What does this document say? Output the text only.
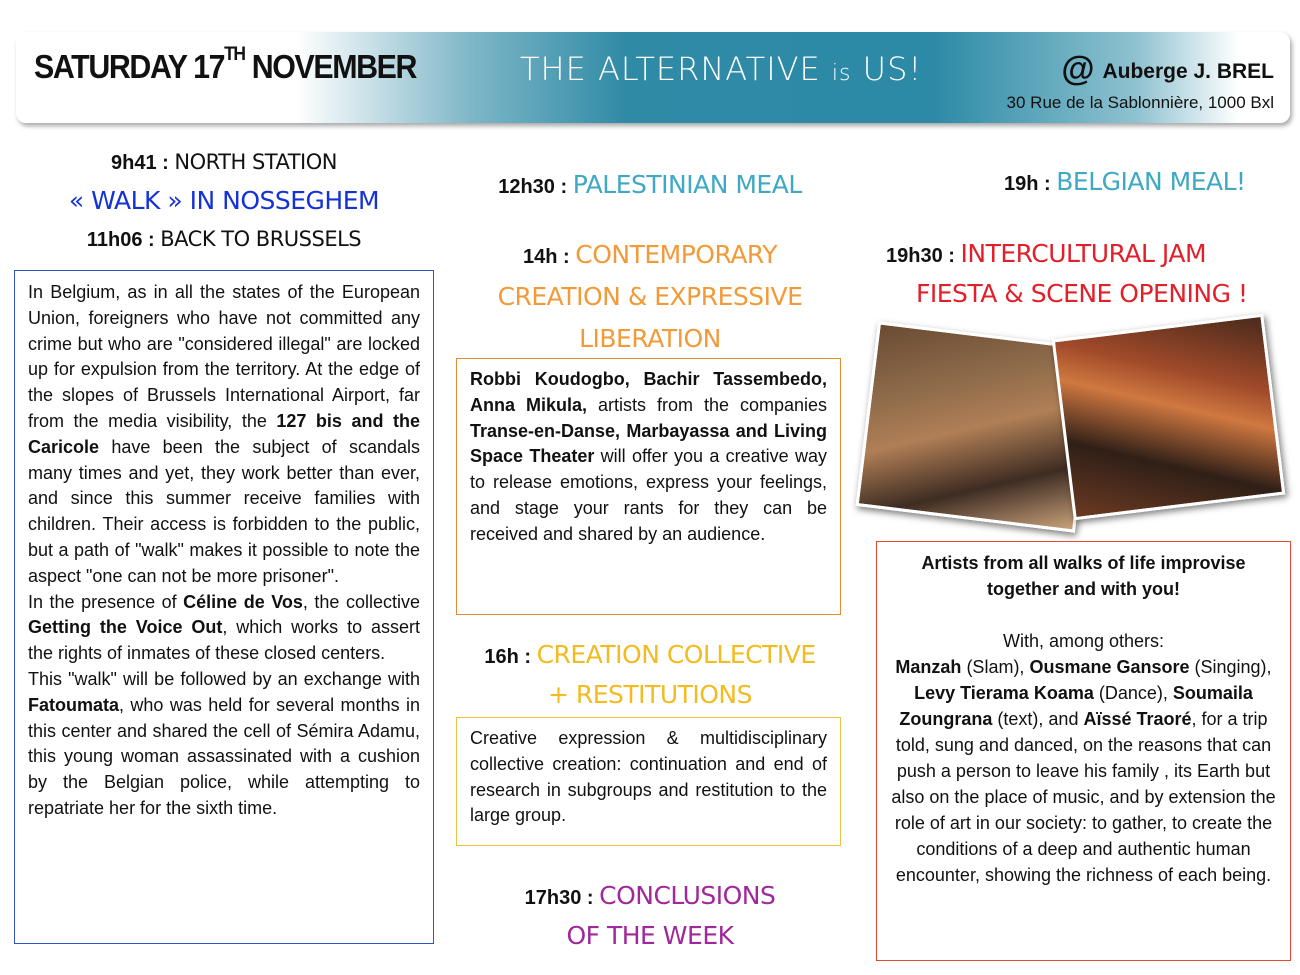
SATURDAY 17TH NOVEMBER	THE ALTERNATIVE is US!	@ Auberge J. BREL
30 Rue de la Sablonnière, 1000 Bxl
9h41 : NORTH STATION
« WALK » IN NOSSEGHEM
11h06 : BACK TO BRUSSELS

In Belgium, as in all the states of the European Union, foreigners who have not committed any crime but who are "considered illegal" are locked up for expulsion from the territory. At the edge of the slopes of Brussels International Airport, far from the media visibility, the 127 bis and the Caricole have been the subject of scandals many times and yet, they work better than ever, and since this summer receive families with children. Their access is forbidden to the public, but a path of "walk" makes it possible to note the aspect "one can not be more prisoner".

In the presence of Céline de Vos, the collective Getting the Voice Out, which works to assert the rights of inmates of these closed centers.

This "walk" will be followed by an exchange with Fatoumata, who was held for several months in this center and shared the cell of Sémira Adamu, this young woman assassinated with a cushion by the Belgian police, while attempting to repatriate her for the sixth time.

12h30 : PALESTINIAN MEAL
14h : CONTEMPORARY
CREATION & EXPRESSIVE
LIBERATION

Robbi Koudogbo, Bachir Tassembedo, Anna Mikula, artists from the companies Transe-en-Danse, Marbayassa and Living Space Theater will offer you a creative way to release emotions, express your feelings, and stage your rants for they can be received and shared by an audience.

16h : CREATION COLLECTIVE
+ RESTITUTIONS

Creative expression & multidisciplinary collective creation: continuation and end of research in subgroups and restitution to the large group.

17h30 : CONCLUSIONS
OF THE WEEK
19h : BELGIAN MEAL!
19h30 : INTERCULTURAL JAM
FIESTA & SCENE OPENING !

Artists from all walks of life improvise together and with you!

With, among others:
Manzah (Slam), Ousmane Gansore (Singing), Levy Tierama Koama (Dance), Soumaila Zoungrana (text), and Aïssé Traoré, for a trip told, sung and danced, on the reasons that can push a person to leave his family , its Earth but also on the place of music, and by extension the role of art in our society: to gather, to create the conditions of a deep and authentic human encounter, showing the richness of each being.
